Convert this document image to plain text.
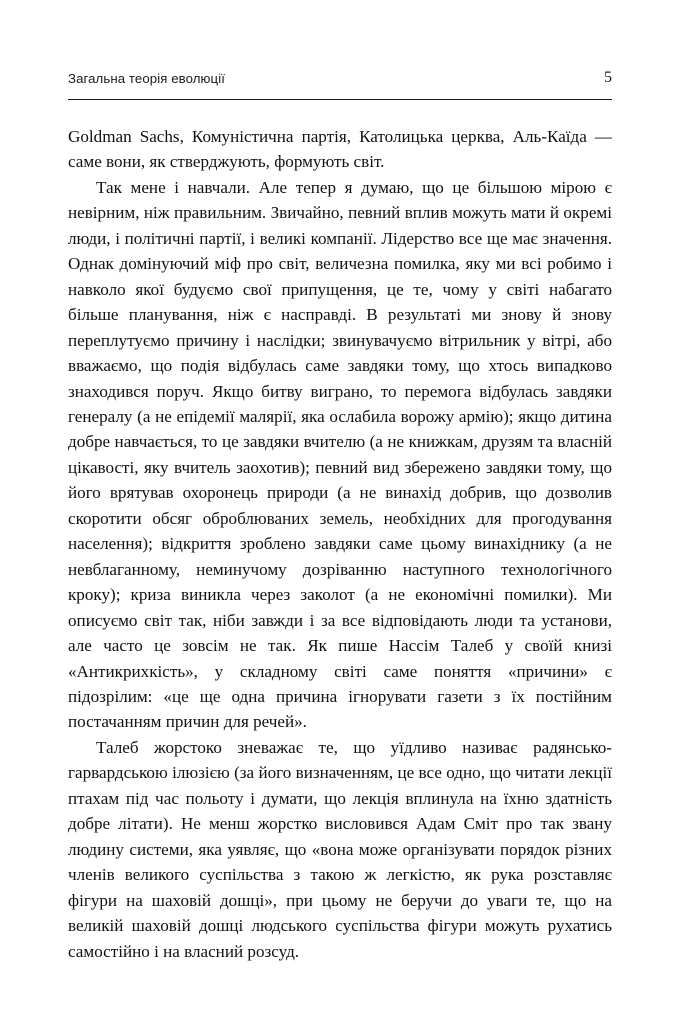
Загальна теорія еволюції	5

Goldman Sachs, Комуністична партія, Католицька церква, Аль-Каїда — саме вони, як стверджують, формують світ.

Так мене і навчали. Але тепер я думаю, що це більшою мірою є невірним, ніж правильним. Звичайно, певний вплив можуть мати й окремі люди, і політичні партії, і великі компанії. Лідерство все ще має значення. Однак домінуючий міф про світ, величезна помилка, яку ми всі робимо і навколо якої будуємо свої припущення, це те, чому у світі набагато більше планування, ніж є насправді. В результаті ми знову й знову переплутуємо причину і наслідки; звинувачуємо вітрильник у вітрі, або вважаємо, що подія відбулась саме завдяки тому, що хтось випадково знаходився поруч. Якщо битву виграно, то перемога відбулась завдяки генералу (а не епідемії малярії, яка ослабила ворожу армію); якщо дитина добре навчається, то це завдяки вчителю (а не книжкам, друзям та власній цікавості, яку вчитель заохотив); певний вид збережено завдяки тому, що його врятував охоронець природи (а не винахід добрив, що дозволив скоротити обсяг оброблюваних земель, необхідних для прогодування населення); відкриття зроблено завдяки саме цьому винахіднику (а не невблаганному, неминучому дозріванню наступного технологічного кроку); криза виникла через заколот (а не економічні помилки). Ми описуємо світ так, ніби завжди і за все відповідають люди та установи, але часто це зовсім не так. Як пише Нассім Талеб у своїй книзі «Антикрихкість», у складному світі саме поняття «причини» є підозрілим: «це ще одна причина ігнорувати газети з їх постійним постачанням причин для речей».

Талеб жорстоко зневажає те, що уїдливо називає радянсько-гарвардською ілюзією (за його визначенням, це все одно, що читати лекції птахам під час польоту і думати, що лекція вплинула на їхню здатність добре літати). Не менш жорстко висловився Адам Сміт про так звану людину системи, яка уявляє, що «вона може організувати порядок різних членів великого суспільства з такою ж легкістю, як рука розставляє фігури на шаховій дошці», при цьому не беручи до уваги те, що на великій шаховій дошці людського суспільства фігури можуть рухатись самостійно і на власний розсуд.
